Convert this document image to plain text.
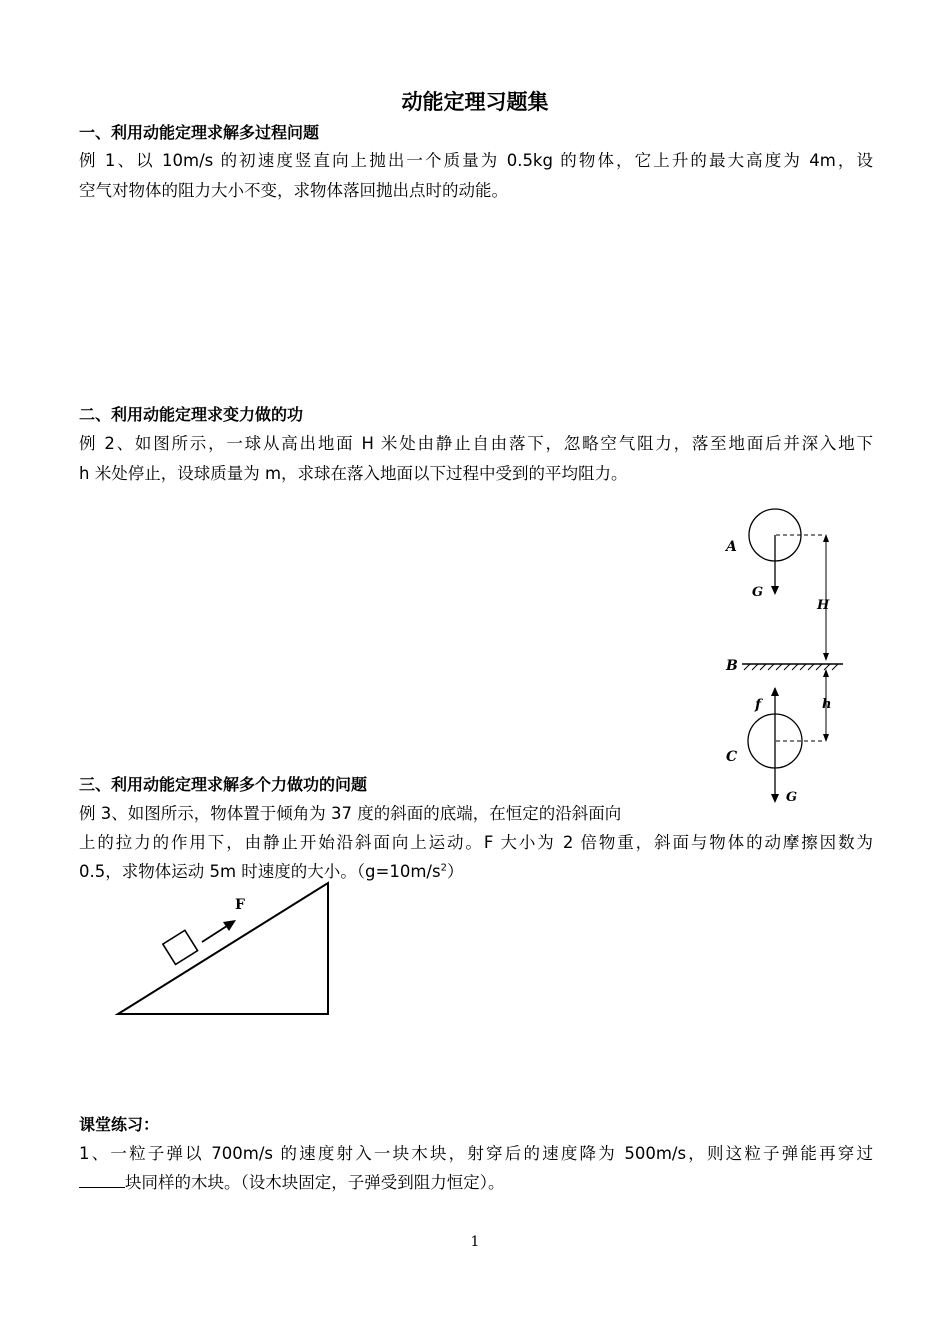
动能定理习题集
一、利用动能定理求解多过程问题
例 1、以 10m/s 的初速度竖直向上抛出一个质量为 0.5kg 的物体，它上升的最大高度为 4m，设
空气对物体的阻力大小不变，求物体落回抛出点时的动能。
二、利用动能定理求变力做的功
例 2、如图所示，一球从高出地面 H 米处由静止自由落下，忽略空气阻力，落至地面后并深入地下
h 米处停止，设球质量为 m，求球在落入地面以下过程中受到的平均阻力。
A
G
H
B
f	h
C
G
三、利用动能定理求解多个力做功的问题
例 3、如图所示，物体置于倾角为 37 度的斜面的底端，在恒定的沿斜面向
上的拉力的作用下，由静止开始沿斜面向上运动。F 大小为 2 倍物重，斜面与物体的动摩擦因数为
0.5，求物体运动 5m 时速度的大小。$(g=10m/s^2)$
F
课堂练习：
1、一粒子弹以 700m/s 的速度射入一块木块，射穿后的速度降为 500m/s，则这粒子弹能再穿过
块同样的木块。（设木块固定，子弹受到阻力恒定）。
1
